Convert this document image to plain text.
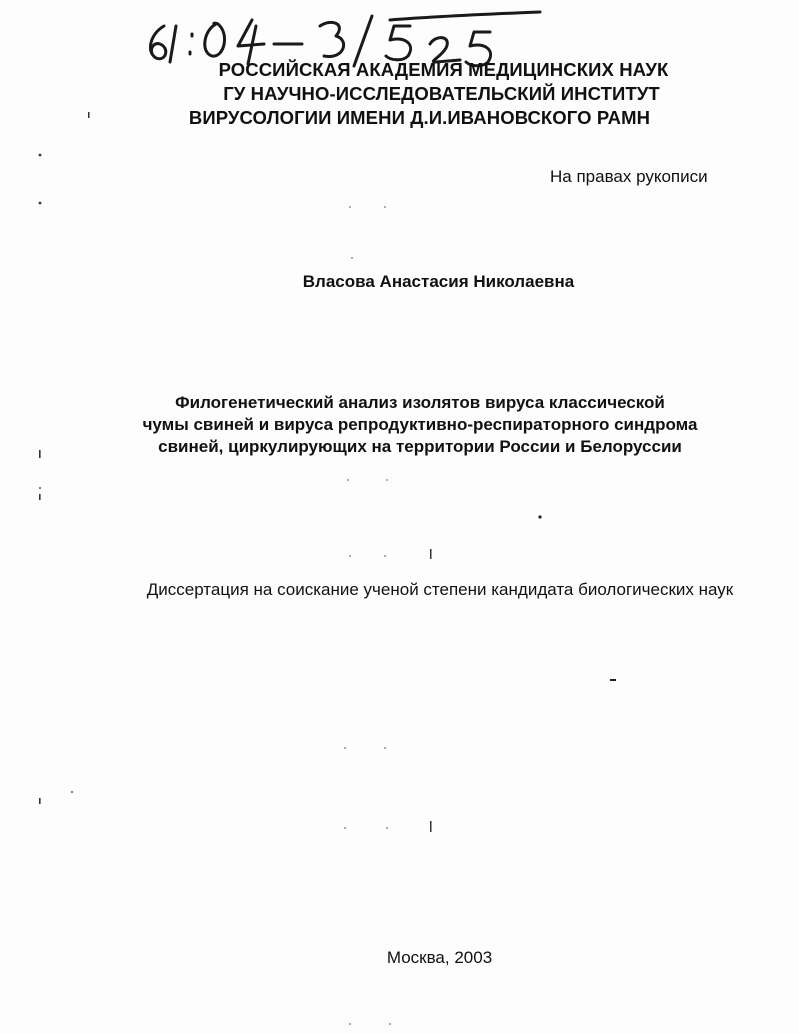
РОССИЙСКАЯ АКАДЕМИЯ МЕДИЦИНСКИХ НАУК
ГУ НАУЧНО-ИССЛЕДОВАТЕЛЬСКИЙ ИНСТИТУТ
ВИРУСОЛОГИИ ИМЕНИ Д.И.ИВАНОВСКОГО РАМН
На правах рукописи
Власова Анастасия Николаевна
Филогенетический анализ изолятов вируса классической
чумы свиней и вируса репродуктивно-респираторного синдрома
свиней, циркулирующих на территории России и Белоруссии
Диссертация на соискание ученой степени кандидата биологических наук
Москва, 2003
